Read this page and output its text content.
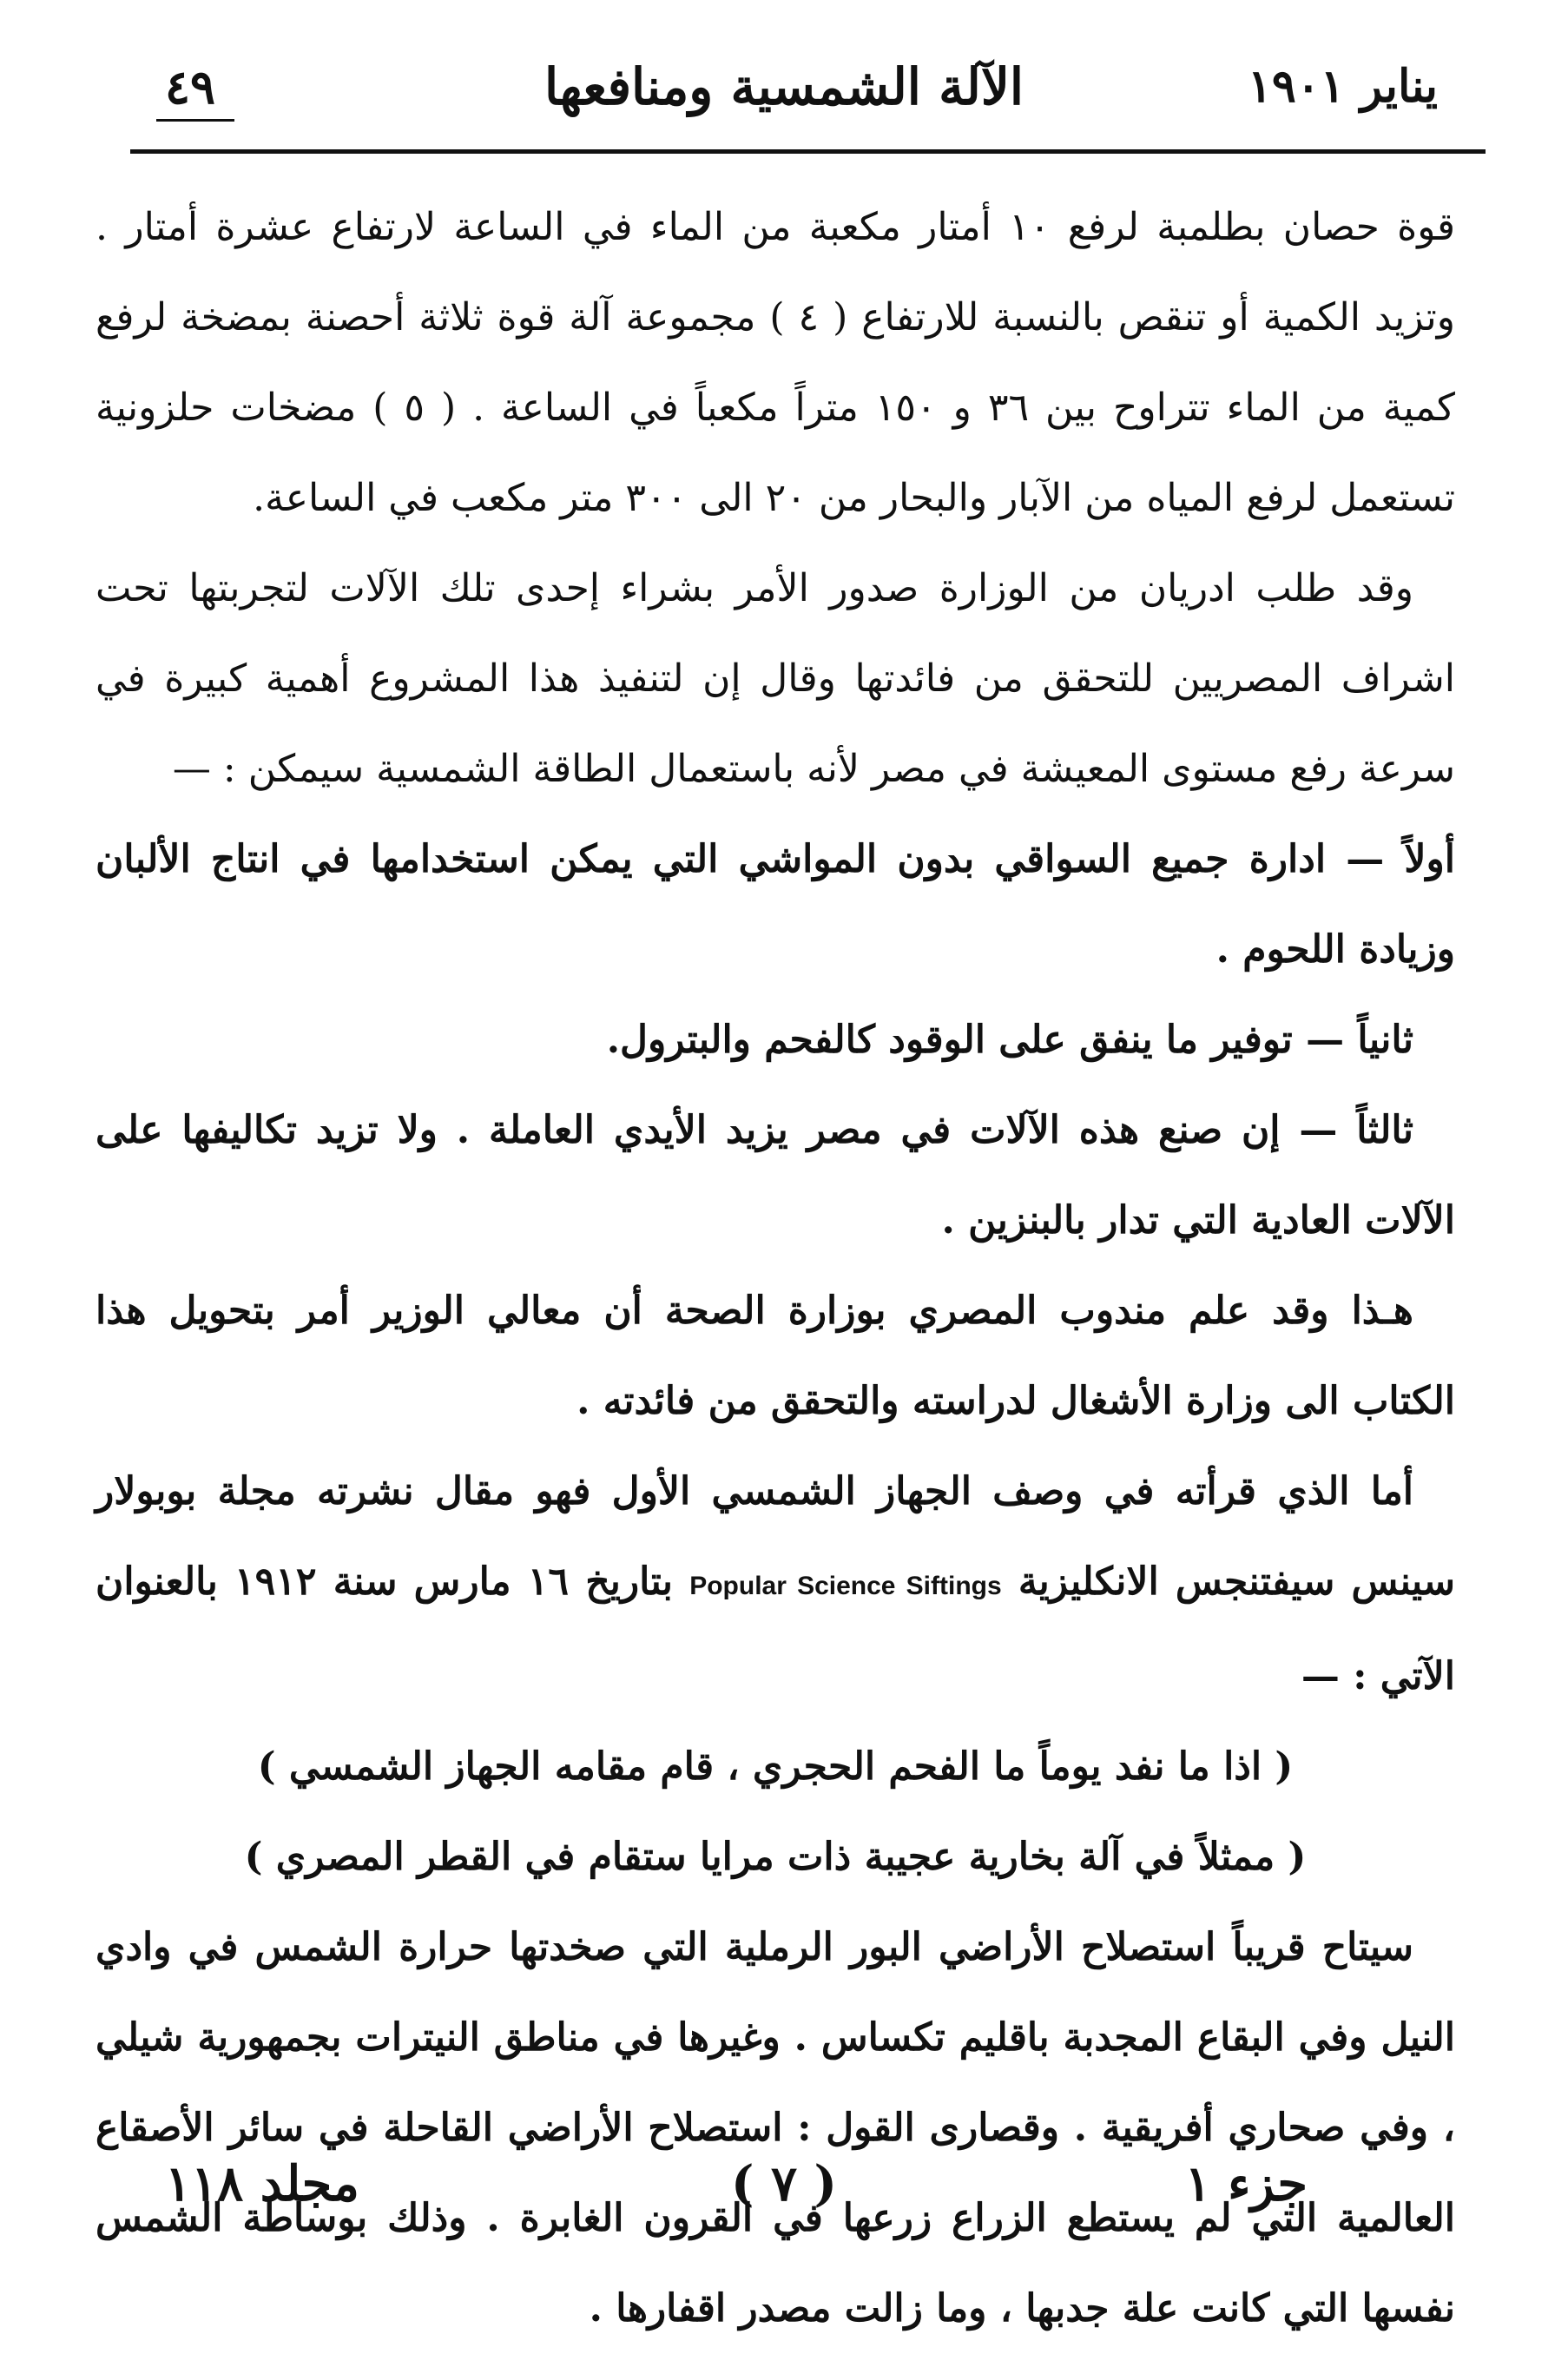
يناير ١٩٠١
الآلة الشمسية ومنافعها
٤٩

قوة حصان بطلمبة لرفع ١٠ أمتار مكعبة من الماء في الساعة لارتفاع عشرة أمتار . وتزيد الكمية أو تنقص بالنسبة للارتفاع ( ٤ ) مجموعة آلة قوة ثلاثة أحصنة بمضخة لرفع كمية من الماء تتراوح بين ٣٦ و ١٥٠ متراً مكعباً في الساعة . ( ٥ ) مضخات حلزونية تستعمل لرفع المياه من الآبار والبحار من ٢٠ الى ٣٠٠ متر مكعب في الساعة.

وقد طلب ادريان من الوزارة صدور الأمر بشراء إحدى تلك الآلات لتجربتها تحت اشراف المصريين للتحقق من فائدتها وقال إن لتنفيذ هذا المشروع أهمية كبيرة في سرعة رفع مستوى المعيشة في مصر لأنه باستعمال الطاقة الشمسية سيمكن : —

أولاً — ادارة جميع السواقي بدون المواشي التي يمكن استخدامها في انتاج الألبان وزيادة اللحوم .

ثانياً — توفير ما ينفق على الوقود كالفحم والبترول.

ثالثاً — إن صنع هذه الآلات في مصر يزيد الأيدي العاملة . ولا تزيد تكاليفها على الآلات العادية التي تدار بالبنزين .

هـذا وقد علم مندوب المصري بوزارة الصحة أن معالي الوزير أمر بتحويل هذا الكتاب الى وزارة الأشغال لدراسته والتحقق من فائدته .

أما الذي قرأته في وصف الجهاز الشمسي الأول فهو مقال نشرته مجلة بوبولار سينس سيفتنجس الانكليزية Popular Science Siftings بتاريخ ١٦ مارس سنة ١٩١٢ بالعنوان الآتي : —

( اذا ما نفد يوماً ما الفحم الحجري ، قام مقامه الجهاز الشمسي )

( ممثلاً في آلة بخارية عجيبة ذات مرايا ستقام في القطر المصري )

سيتاح قريباً استصلاح الأراضي البور الرملية التي صخدتها حرارة الشمس في وادي النيل وفي البقاع المجدبة باقليم تكساس . وغيرها في مناطق النيترات بجمهورية شيلي ، وفي صحاري أفريقية . وقصارى القول : استصلاح الأراضي القاحلة في سائر الأصقاع العالمية التي لم يستطع الزراع زرعها في القرون الغابرة . وذلك بوساطة الشمس نفسها التي كانت علة جدبها ، وما زالت مصدر اقفارها .

جزء ١
( ٧ )
مجلد ١١٨
